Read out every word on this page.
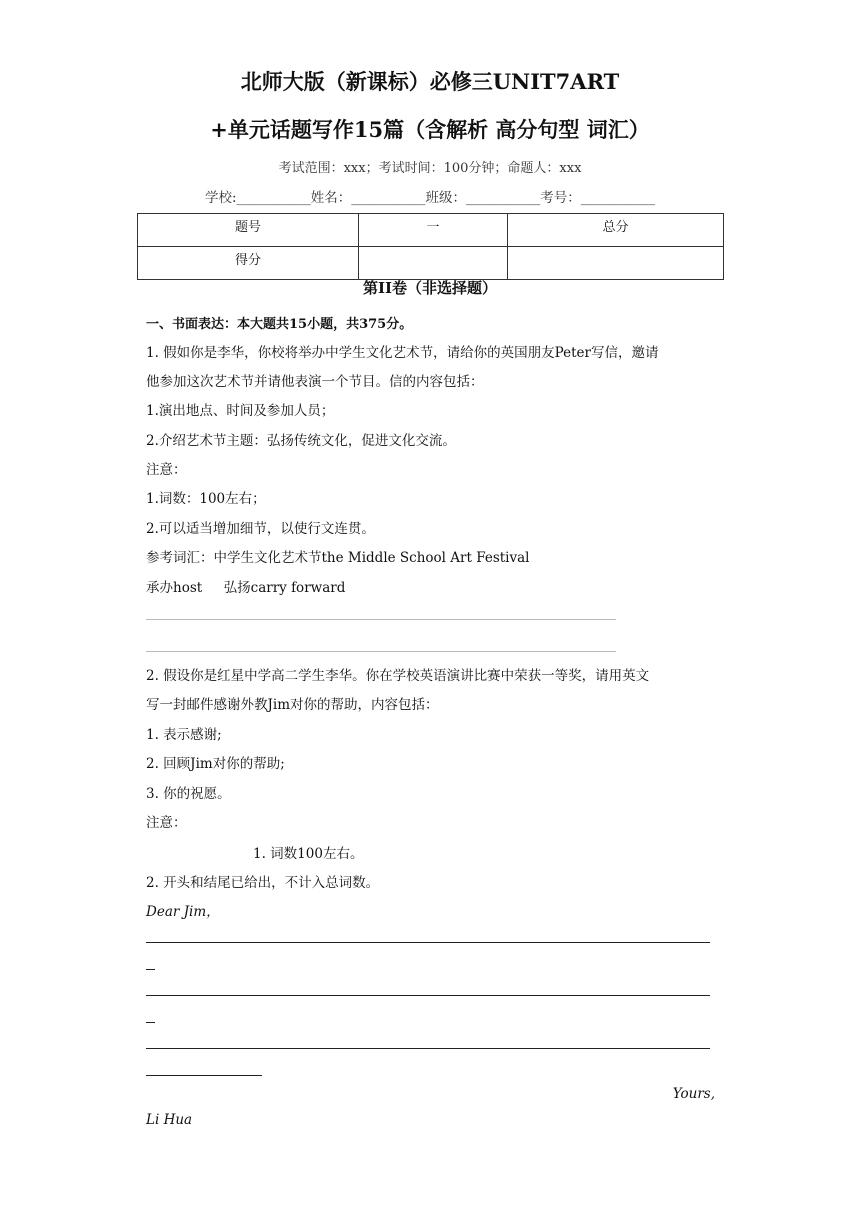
北师大版（新课标）必修三UNIT7ART
+单元话题写作15篇（含解析 高分句型 词汇）
考试范围：xxx；考试时间：100分钟；命题人：xxx
学校:___________姓名：___________班级：___________考号：___________
题号	一	总分
得分		
第II卷（非选择题）
一、书面表达：本大题共15小题，共375分。
1. 假如你是李华，你校将举办中学生文化艺术节，请给你的英国朋友Peter写信，邀请
他参加这次艺术节并请他表演一个节目。信的内容包括：
1.演出地点、时间及参加人员；
2.介绍艺术节主题：弘扬传统文化，促进文化交流。
注意：
1.词数：100左右；
2.可以适当增加细节，以使行文连贯。
参考词汇：中学生文化艺术节the Middle School Art Festival
承办host     弘扬carry forward
2. 假设你是红星中学高二学生李华。你在学校英语演讲比赛中荣获一等奖，请用英文
写一封邮件感谢外教Jim对你的帮助，内容包括：
1. 表示感谢;
2. 回顾Jim对你的帮助;
3. 你的祝愿。
注意：
1. 词数100左右。
2. 开头和结尾已给出，不计入总词数。
Dear Jim，
Yours,
Li Hua
